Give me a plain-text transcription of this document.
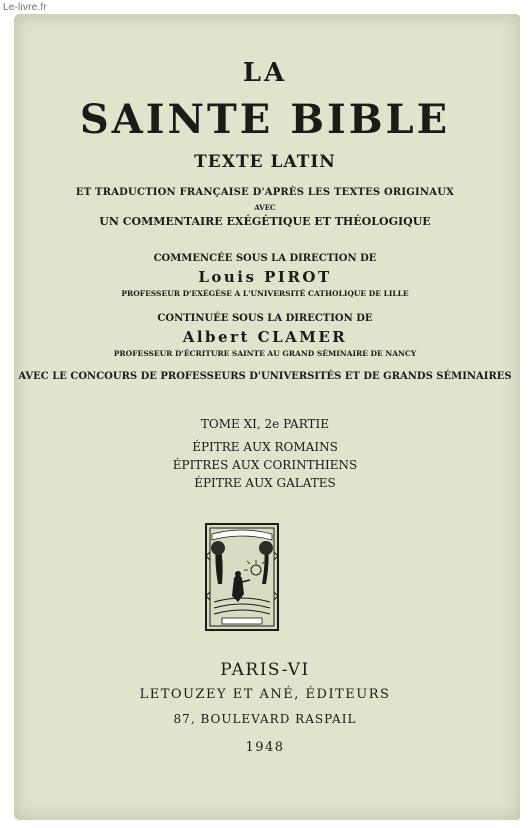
Le-livre.fr
LA
SAINTE BIBLE
TEXTE LATIN
ET TRADUCTION FRANÇAISE D'APRÈS LES TEXTES ORIGINAUX
AVEC
UN COMMENTAIRE EXÉGÉTIQUE ET THÉOLOGIQUE
COMMENCÉE SOUS LA DIRECTION DE
Louis PIROT
PROFESSEUR D'EXÉGÈSE A L'UNIVERSITÉ CATHOLIQUE DE LILLE
CONTINUÉE SOUS LA DIRECTION DE
Albert CLAMER
PROFESSEUR D'ÉCRITURE SAINTE AU GRAND SÉMINAIRE DE NANCY
AVEC LE CONCOURS DE PROFESSEURS D'UNIVERSITÉS ET DE GRANDS SÉMINAIRES
TOME XI, 2e PARTIE
ÉPITRE AUX ROMAINS
ÉPITRES AUX CORINTHIENS
ÉPITRE AUX GALATES
PARIS-VI
LETOUZEY ET ANÉ, ÉDITEURS
87, BOULEVARD RASPAIL
1948
